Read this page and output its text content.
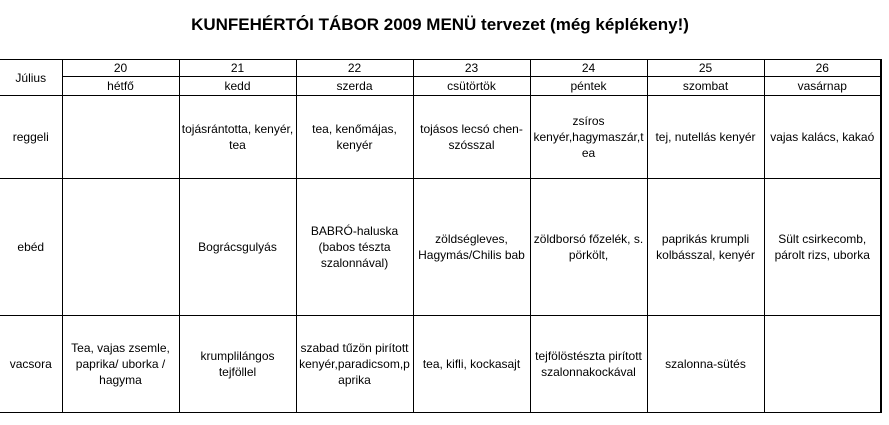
KUNFEHÉRTÓI TÁBOR 2009 MENÜ tervezet (még képlékeny!)
Július	20	21	22	23	24	25	26
	hétfő	kedd	szerda	csütörtök	péntek	szombat	vasárnap
reggeli		tojásrántotta, kenyér, tea	tea, kenőmájas, kenyér	tojásos lecsó chen-szósszal	zsíros kenyér,hagymaszár,tea	tej, nutellás kenyér	vajas kalács, kakaó
ebéd		Bográcsgulyás	BABRÓ-haluska (babos tészta szalonnával)	zöldségleves, Hagymás/Chilis bab	zöldborsó főzelék, s. pörkölt,	paprikás krumpli kolbásszal, kenyér	Sült csirkecomb, párolt rizs, uborka
vacsora	Tea, vajas zsemle, paprika/ uborka / hagyma	krumplilángos tejföllel	szabad tűzön pirított kenyér,paradicsom,paprika	tea, kifli, kockasajt	tejfölöstészta pirított szalonnakockával	szalonna-sütés	
